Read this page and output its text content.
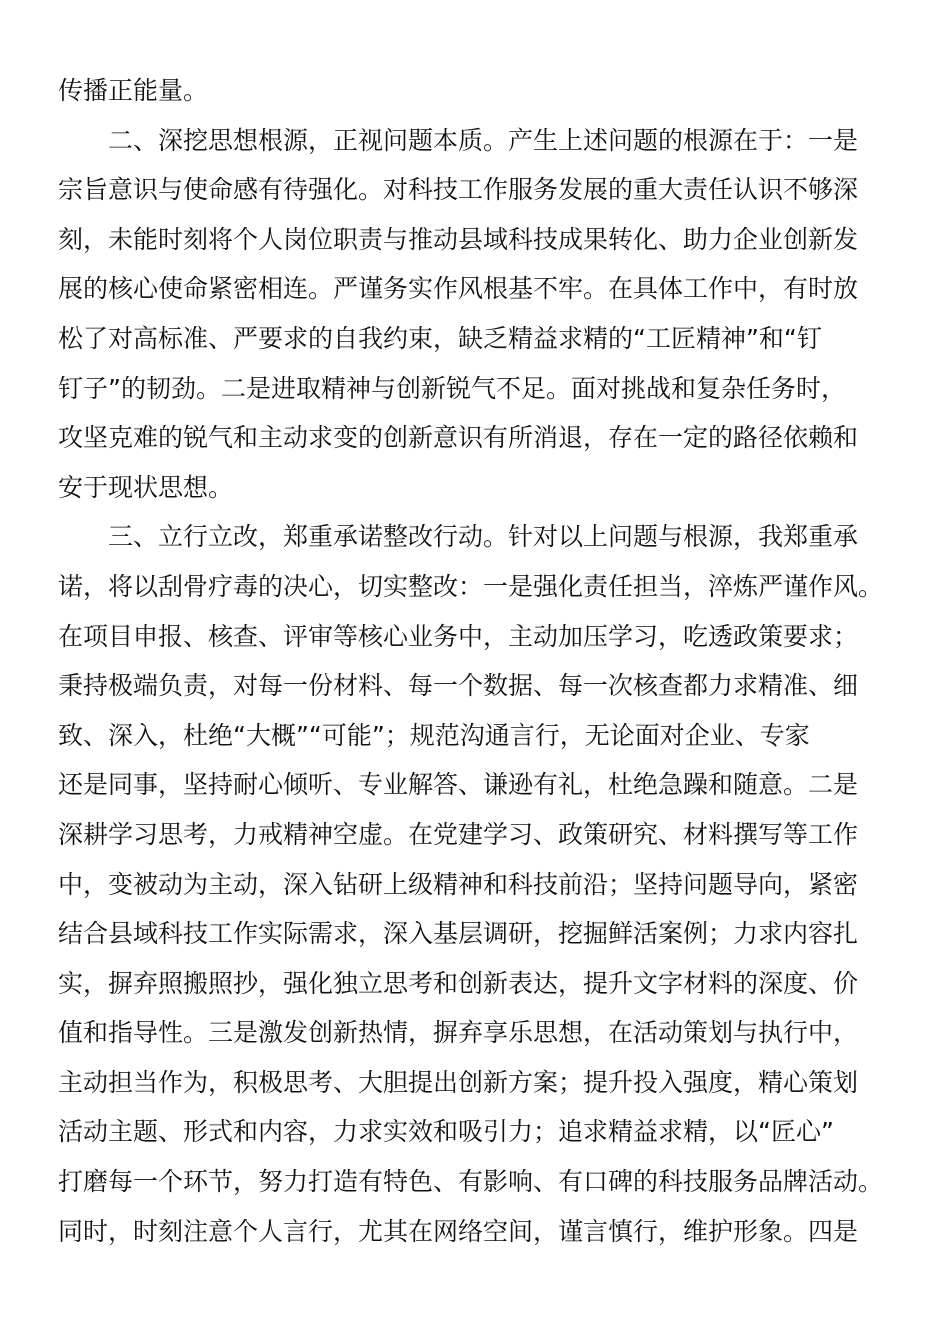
传播正能量。
二、深挖思想根源，正视问题本质。产生上述问题的根源在于：一是
宗旨意识与使命感有待强化。对科技工作服务发展的重大责任认识不够深
刻，未能时刻将个人岗位职责与推动县域科技成果转化、助力企业创新发
展的核心使命紧密相连。严谨务实作风根基不牢。在具体工作中，有时放
松了对高标准、严要求的自我约束，缺乏精益求精的“工匠精神”和“钉
钉子”的韧劲。二是进取精神与创新锐气不足。面对挑战和复杂任务时，
攻坚克难的锐气和主动求变的创新意识有所消退，存在一定的路径依赖和
安于现状思想。
三、立行立改，郑重承诺整改行动。针对以上问题与根源，我郑重承
诺，将以刮骨疗毒的决心，切实整改：一是强化责任担当，淬炼严谨作风。
在项目申报、核查、评审等核心业务中，主动加压学习，吃透政策要求；
秉持极端负责，对每一份材料、每一个数据、每一次核查都力求精准、细
致、深入，杜绝“大概”“可能”；规范沟通言行，无论面对企业、专家
还是同事，坚持耐心倾听、专业解答、谦逊有礼，杜绝急躁和随意。二是
深耕学习思考，力戒精神空虚。在党建学习、政策研究、材料撰写等工作
中，变被动为主动，深入钻研上级精神和科技前沿；坚持问题导向，紧密
结合县域科技工作实际需求，深入基层调研，挖掘鲜活案例；力求内容扎
实，摒弃照搬照抄，强化独立思考和创新表达，提升文字材料的深度、价
值和指导性。三是激发创新热情，摒弃享乐思想，在活动策划与执行中，
主动担当作为，积极思考、大胆提出创新方案；提升投入强度，精心策划
活动主题、形式和内容，力求实效和吸引力；追求精益求精，以“匠心”
打磨每一个环节，努力打造有特色、有影响、有口碑的科技服务品牌活动。
同时，时刻注意个人言行，尤其在网络空间，谨言慎行，维护形象。四是
